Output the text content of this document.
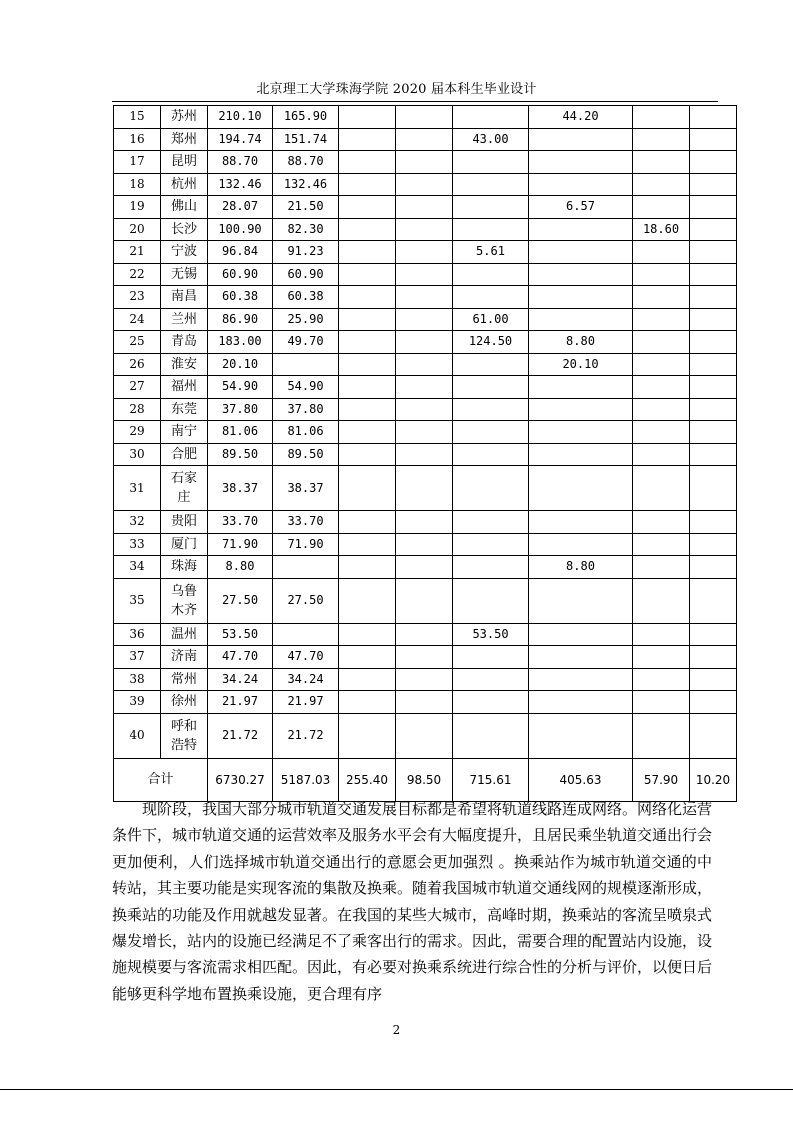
北京理工大学珠海学院 2020 届本科生毕业设计
15	苏州	210.10	165.90				44.20		
16	郑州	194.74	151.74			43.00			
17	昆明	88.70	88.70						
18	杭州	132.46	132.46						
19	佛山	28.07	21.50				6.57		
20	长沙	100.90	82.30					18.60	
21	宁波	96.84	91.23			5.61			
22	无锡	60.90	60.90						
23	南昌	60.38	60.38						
24	兰州	86.90	25.90			61.00			
25	青岛	183.00	49.70			124.50	8.80		
26	淮安	20.10					20.10		
27	福州	54.90	54.90						
28	东莞	37.80	37.80						
29	南宁	81.06	81.06						
30	合肥	89.50	89.50						
31	石家庄	38.37	38.37						
32	贵阳	33.70	33.70						
33	厦门	71.90	71.90						
34	珠海	8.80					8.80		
35	乌鲁木齐	27.50	27.50						
36	温州	53.50				53.50			
37	济南	47.70	47.70						
38	常州	34.24	34.24						
39	徐州	21.97	21.97						
40	呼和浩特	21.72	21.72						
合计		6730.27	5187.03	255.40	98.50	715.61	405.63	57.90	10.20
现阶段，我国大部分城市轨道交通发展目标都是希望将轨道线路连成网络。网络化运营条件下，城市轨道交通的运营效率及服务水平会有大幅度提升，且居民乘坐轨道交通出行会更加便利，人们选择城市轨道交通出行的意愿会更加强烈 。换乘站作为城市轨道交通的中转站，其主要功能是实现客流的集散及换乘。随着我国城市轨道交通线网的规模逐渐形成，换乘站的功能及作用就越发显著。在我国的某些大城市，高峰时期，换乘站的客流呈喷泉式爆发增长，站内的设施已经满足不了乘客出行的需求。因此，需要合理的配置站内设施，设施规模要与客流需求相匹配。因此，有必要对换乘系统进行综合性的分析与评价，以便日后能够更科学地布置换乘设施，更合理有序
2
